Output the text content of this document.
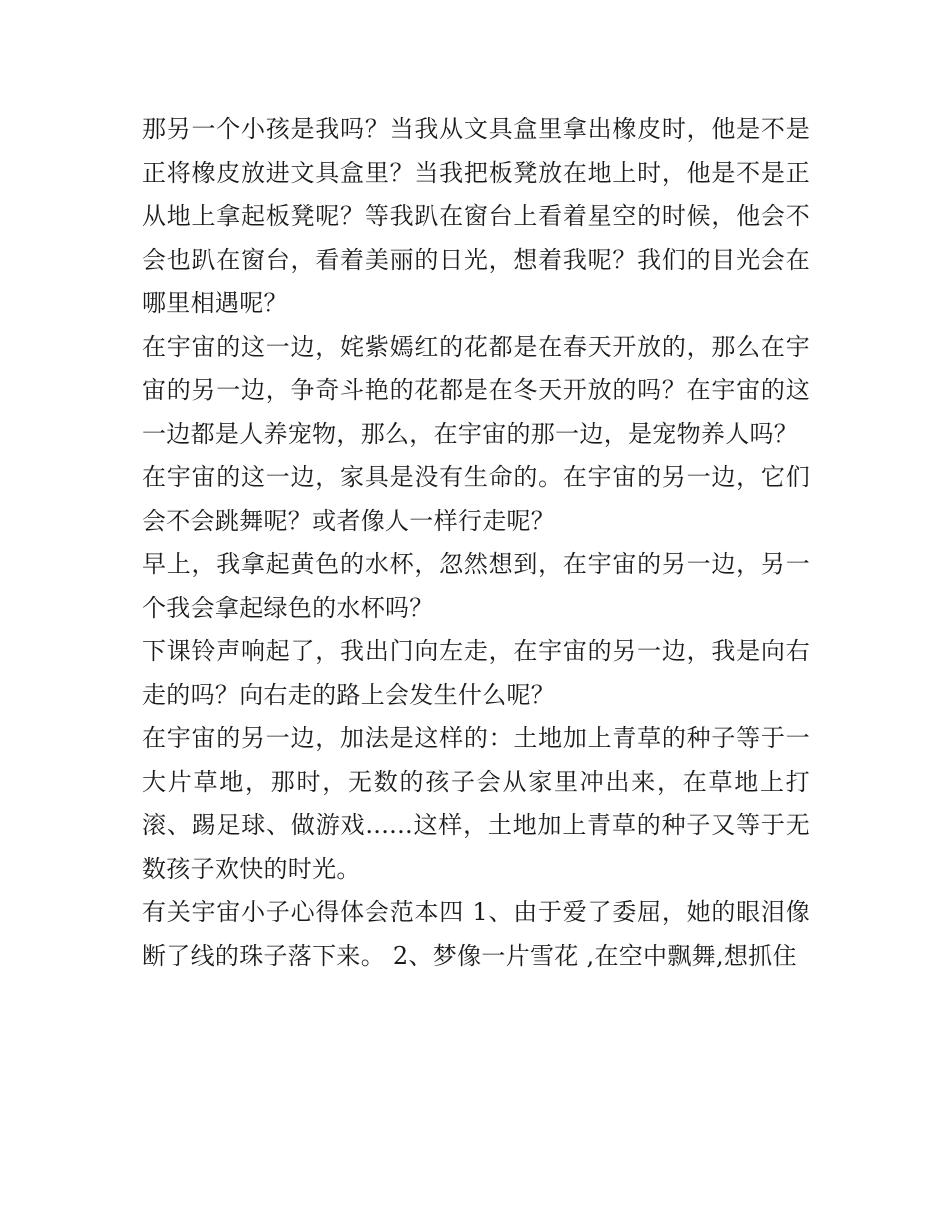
那另一个小孩是我吗？当我从文具盒里拿出橡皮时，他是不是正将橡皮放进文具盒里？当我把板凳放在地上时，他是不是正从地上拿起板凳呢？等我趴在窗台上看着星空的时候，他会不会也趴在窗台，看着美丽的日光，想着我呢？我们的目光会在哪里相遇呢？

在宇宙的这一边，姹紫嫣红的花都是在春天开放的，那么在宇宙的另一边，争奇斗艳的花都是在冬天开放的吗？在宇宙的这一边都是人养宠物，那么，在宇宙的那一边，是宠物养人吗？

在宇宙的这一边，家具是没有生命的。在宇宙的另一边，它们会不会跳舞呢？或者像人一样行走呢？

早上，我拿起黄色的水杯，忽然想到，在宇宙的另一边，另一个我会拿起绿色的水杯吗？

下课铃声响起了，我出门向左走，在宇宙的另一边，我是向右走的吗？向右走的路上会发生什么呢？

在宇宙的另一边，加法是这样的：土地加上青草的种子等于一大片草地，那时，无数的孩子会从家里冲出来，在草地上打滚、踢足球、做游戏......这样，土地加上青草的种子又等于无数孩子欢快的时光。

有关宇宙小子心得体会范本四 1、由于爱了委屈，她的眼泪像断了线的珠子落下来。 2、梦像一片雪花 ,在空中飘舞,想抓住
